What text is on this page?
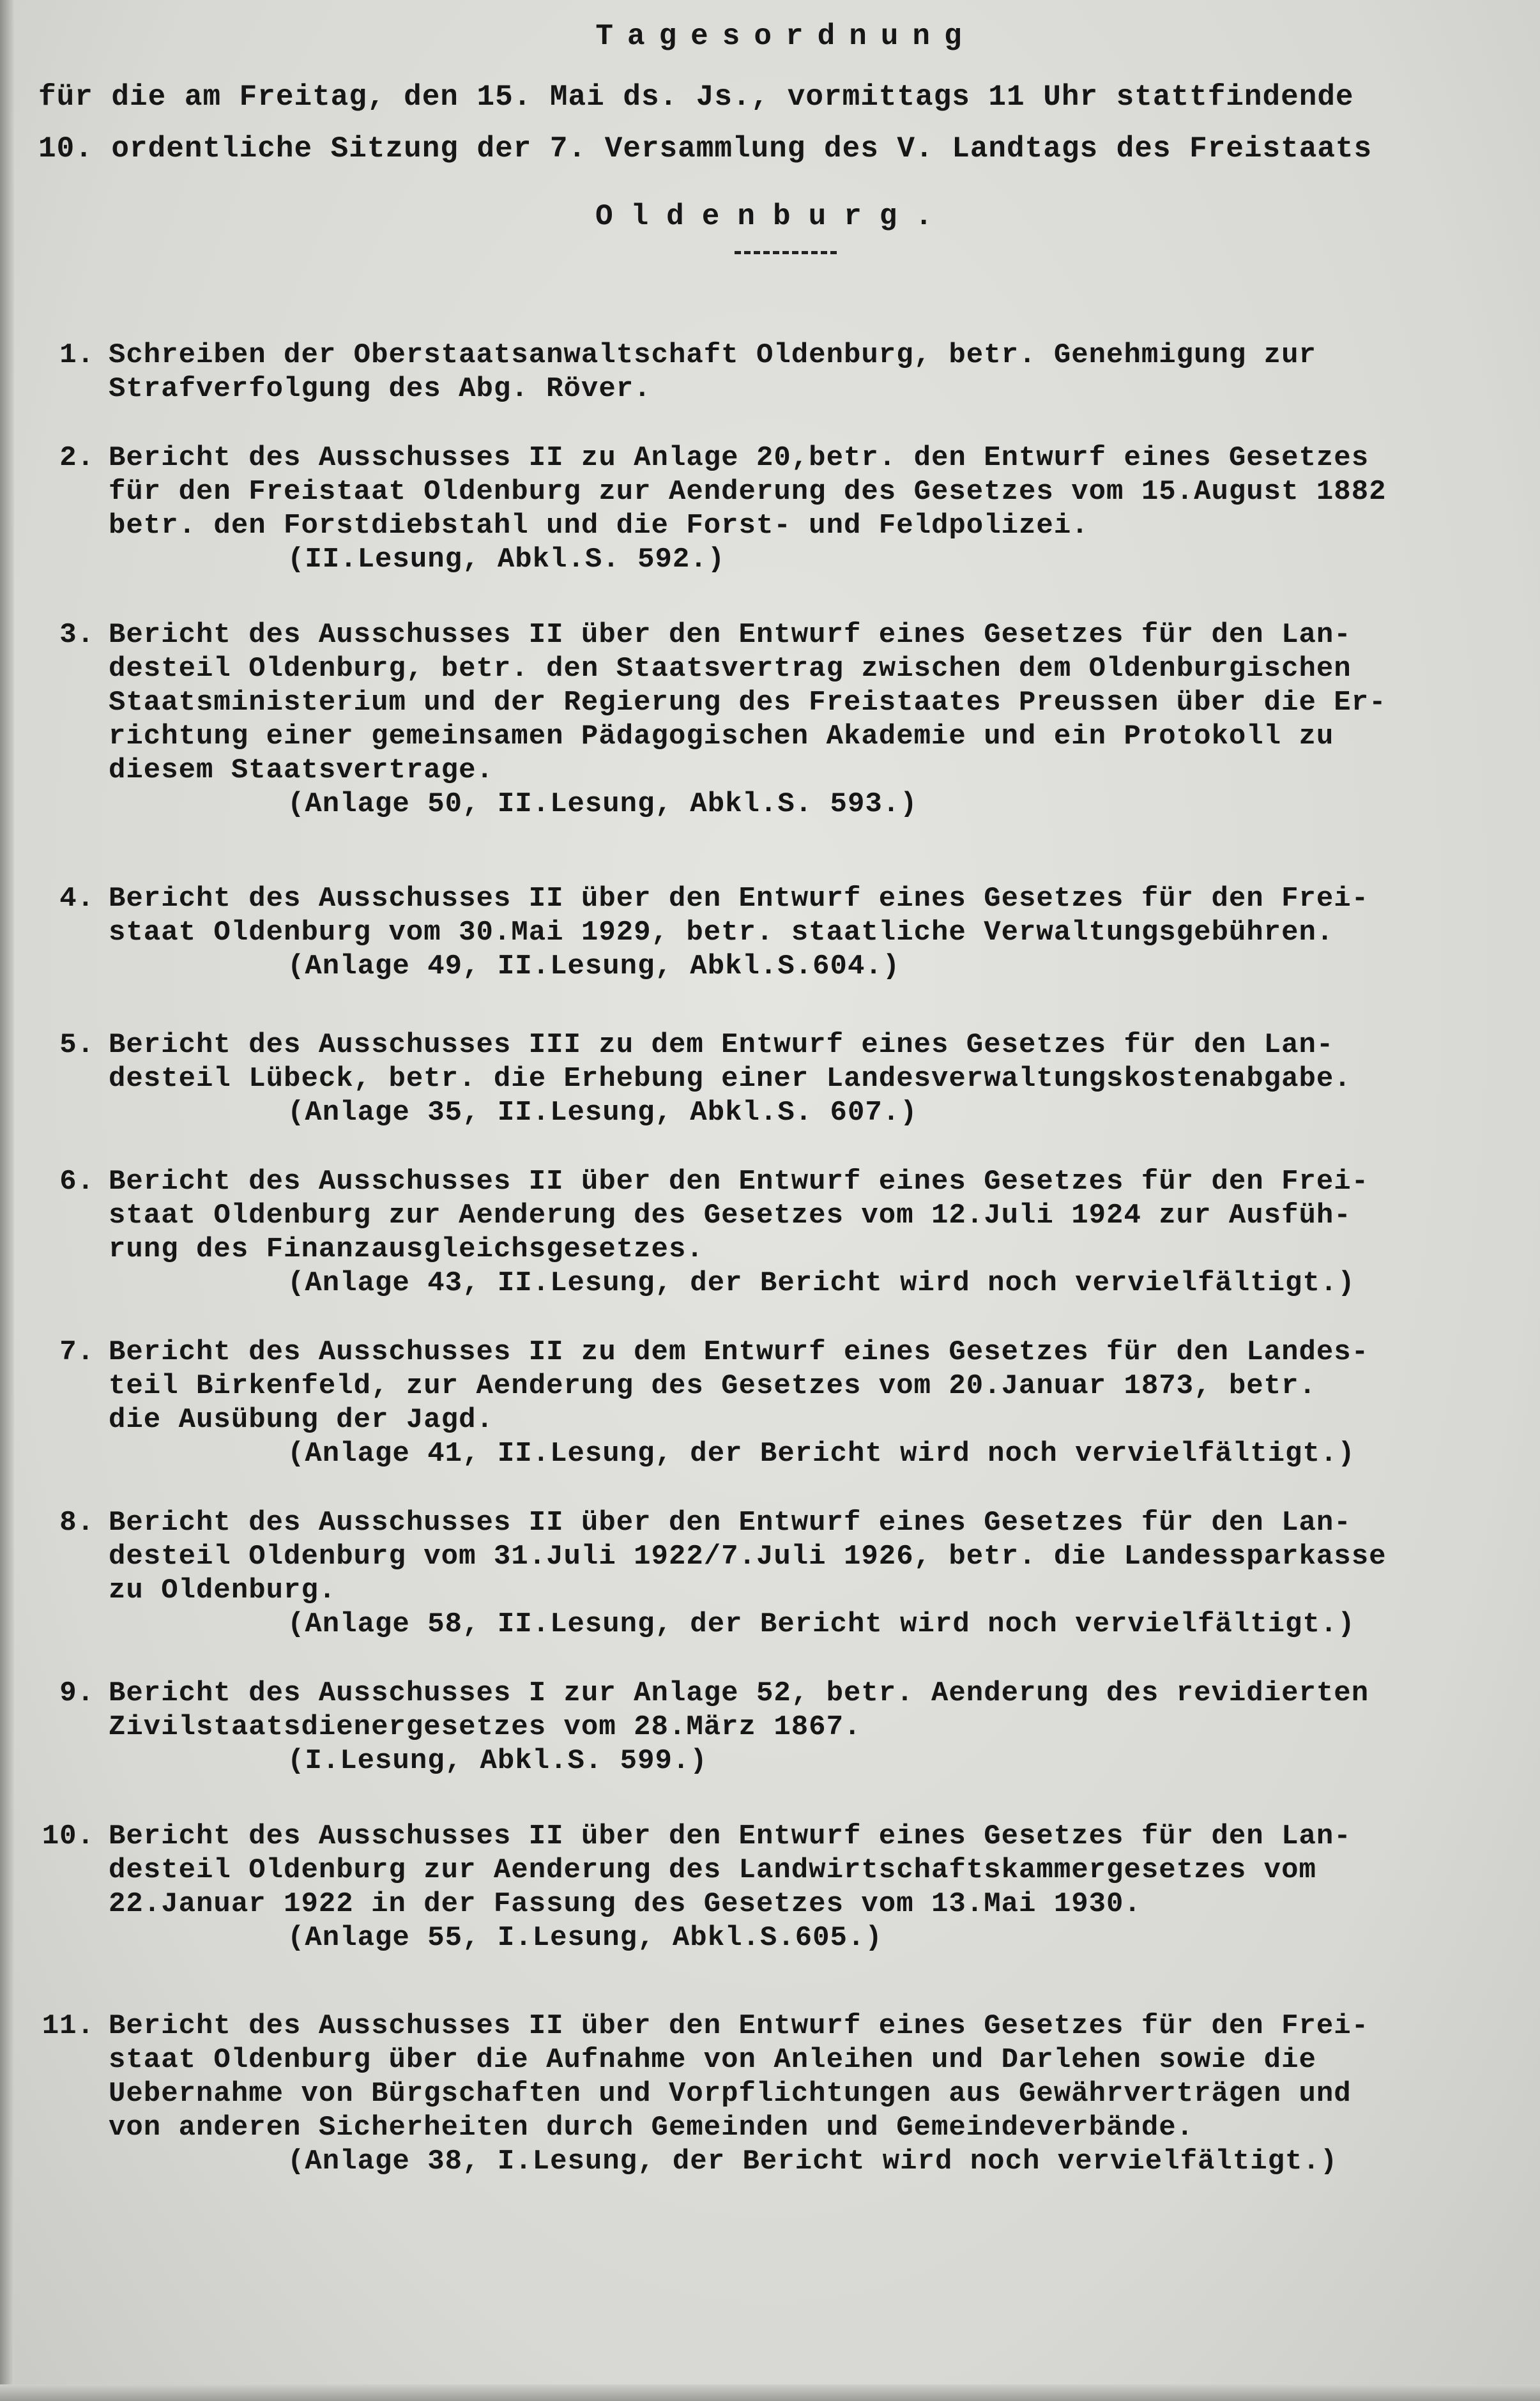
Tagesordnung
für die am Freitag, den 15. Mai ds. Js., vormittags 11 Uhr stattfindende
10. ordentliche Sitzung der 7. Versammlung des V. Landtags des Freistaats
Oldenburg.
1. Schreiben der Oberstaatsanwaltschaft Oldenburg, betr. Genehmigung zur
Strafverfolgung des Abg. Röver.
2. Bericht des Ausschusses II zu Anlage 20,betr. den Entwurf eines Gesetzes
für den Freistaat Oldenburg zur Aenderung des Gesetzes vom 15.August 1882
betr. den Forstdiebstahl und die Forst- und Feldpolizei.
(II.Lesung, Abkl.S. 592.)
3. Bericht des Ausschusses II über den Entwurf eines Gesetzes für den Lan-
desteil Oldenburg, betr. den Staatsvertrag zwischen dem Oldenburgischen
Staatsministerium und der Regierung des Freistaates Preussen über die Er-
richtung einer gemeinsamen Pädagogischen Akademie und ein Protokoll zu
diesem Staatsvertrage.
(Anlage 50, II.Lesung, Abkl.S. 593.)
4. Bericht des Ausschusses II über den Entwurf eines Gesetzes für den Frei-
staat Oldenburg vom 30.Mai 1929, betr. staatliche Verwaltungsgebühren.
(Anlage 49, II.Lesung, Abkl.S.604.)
5. Bericht des Ausschusses III zu dem Entwurf eines Gesetzes für den Lan-
desteil Lübeck, betr. die Erhebung einer Landesverwaltungskostenabgabe.
(Anlage 35, II.Lesung, Abkl.S. 607.)
6. Bericht des Ausschusses II über den Entwurf eines Gesetzes für den Frei-
staat Oldenburg zur Aenderung des Gesetzes vom 12.Juli 1924 zur Ausfüh-
rung des Finanzausgleichsgesetzes.
(Anlage 43, II.Lesung, der Bericht wird noch vervielfältigt.)
7. Bericht des Ausschusses II zu dem Entwurf eines Gesetzes für den Landes-
teil Birkenfeld, zur Aenderung des Gesetzes vom 20.Januar 1873, betr.
die Ausübung der Jagd.
(Anlage 41, II.Lesung, der Bericht wird noch vervielfältigt.)
8. Bericht des Ausschusses II über den Entwurf eines Gesetzes für den Lan-
desteil Oldenburg vom 31.Juli 1922/7.Juli 1926, betr. die Landessparkasse
zu Oldenburg.
(Anlage 58, II.Lesung, der Bericht wird noch vervielfältigt.)
9. Bericht des Ausschusses I zur Anlage 52, betr. Aenderung des revidierten
Zivilstaatsdienergesetzes vom 28.März 1867.
(I.Lesung, Abkl.S. 599.)
10. Bericht des Ausschusses II über den Entwurf eines Gesetzes für den Lan-
desteil Oldenburg zur Aenderung des Landwirtschaftskammergesetzes vom
22.Januar 1922 in der Fassung des Gesetzes vom 13.Mai 1930.
(Anlage 55, I.Lesung, Abkl.S.605.)
11. Bericht des Ausschusses II über den Entwurf eines Gesetzes für den Frei-
staat Oldenburg über die Aufnahme von Anleihen und Darlehen sowie die
Uebernahme von Bürgschaften und Vorpflichtungen aus Gewährverträgen und
von anderen Sicherheiten durch Gemeinden und Gemeindeverbände.
(Anlage 38, I.Lesung, der Bericht wird noch vervielfältigt.)
